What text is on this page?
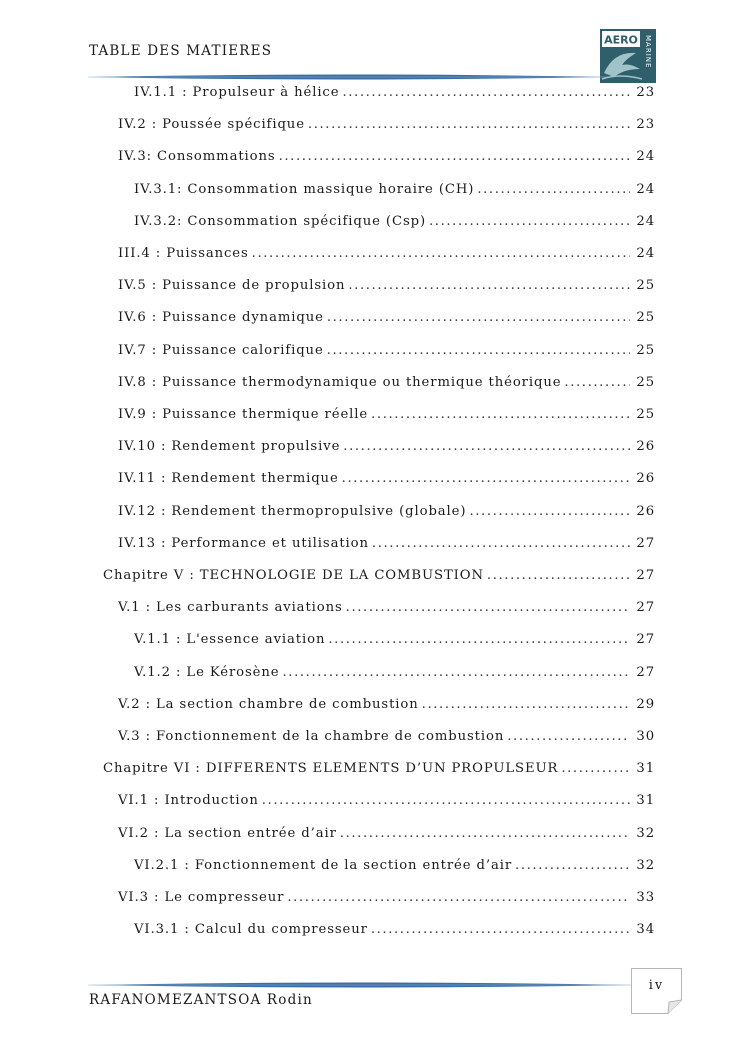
TABLE DES MATIERES
AERO MARINE
IV.1.1 : Propulseur à hélice .....	23
IV.2 : Poussée spécifique .....	23
IV.3: Consommations .....	24
IV.3.1: Consommation massique horaire (CH) .....	24
IV.3.2: Consommation spécifique (Csp) .....	24
III.4 : Puissances .....	24
IV.5 : Puissance de propulsion .....	25
IV.6 : Puissance dynamique .....	25
IV.7 : Puissance calorifique .....	25
IV.8 : Puissance thermodynamique ou thermique théorique .....	25
IV.9 : Puissance thermique réelle .....	25
IV.10 : Rendement propulsive .....	26
IV.11 : Rendement thermique .....	26
IV.12 : Rendement thermopropulsive (globale) .....	26
IV.13 : Performance et utilisation .....	27
Chapitre V : TECHNOLOGIE DE LA COMBUSTION .....	27
V.1 : Les carburants aviations .....	27
V.1.1 : L'essence aviation .....	27
V.1.2 : Le Kérosène .....	27
V.2 : La section chambre de combustion .....	29
V.3 : Fonctionnement de la chambre de combustion .....	30
Chapitre VI : DIFFERENTS ELEMENTS D’UN PROPULSEUR .....	31
VI.1 : Introduction .....	31
VI.2 : La section entrée d’air .....	32
VI.2.1 : Fonctionnement de la section entrée d’air .....	32
VI.3 : Le compresseur .....	33
VI.3.1 : Calcul du compresseur .....	34
iv
RAFANOMEZANTSOA Rodin
